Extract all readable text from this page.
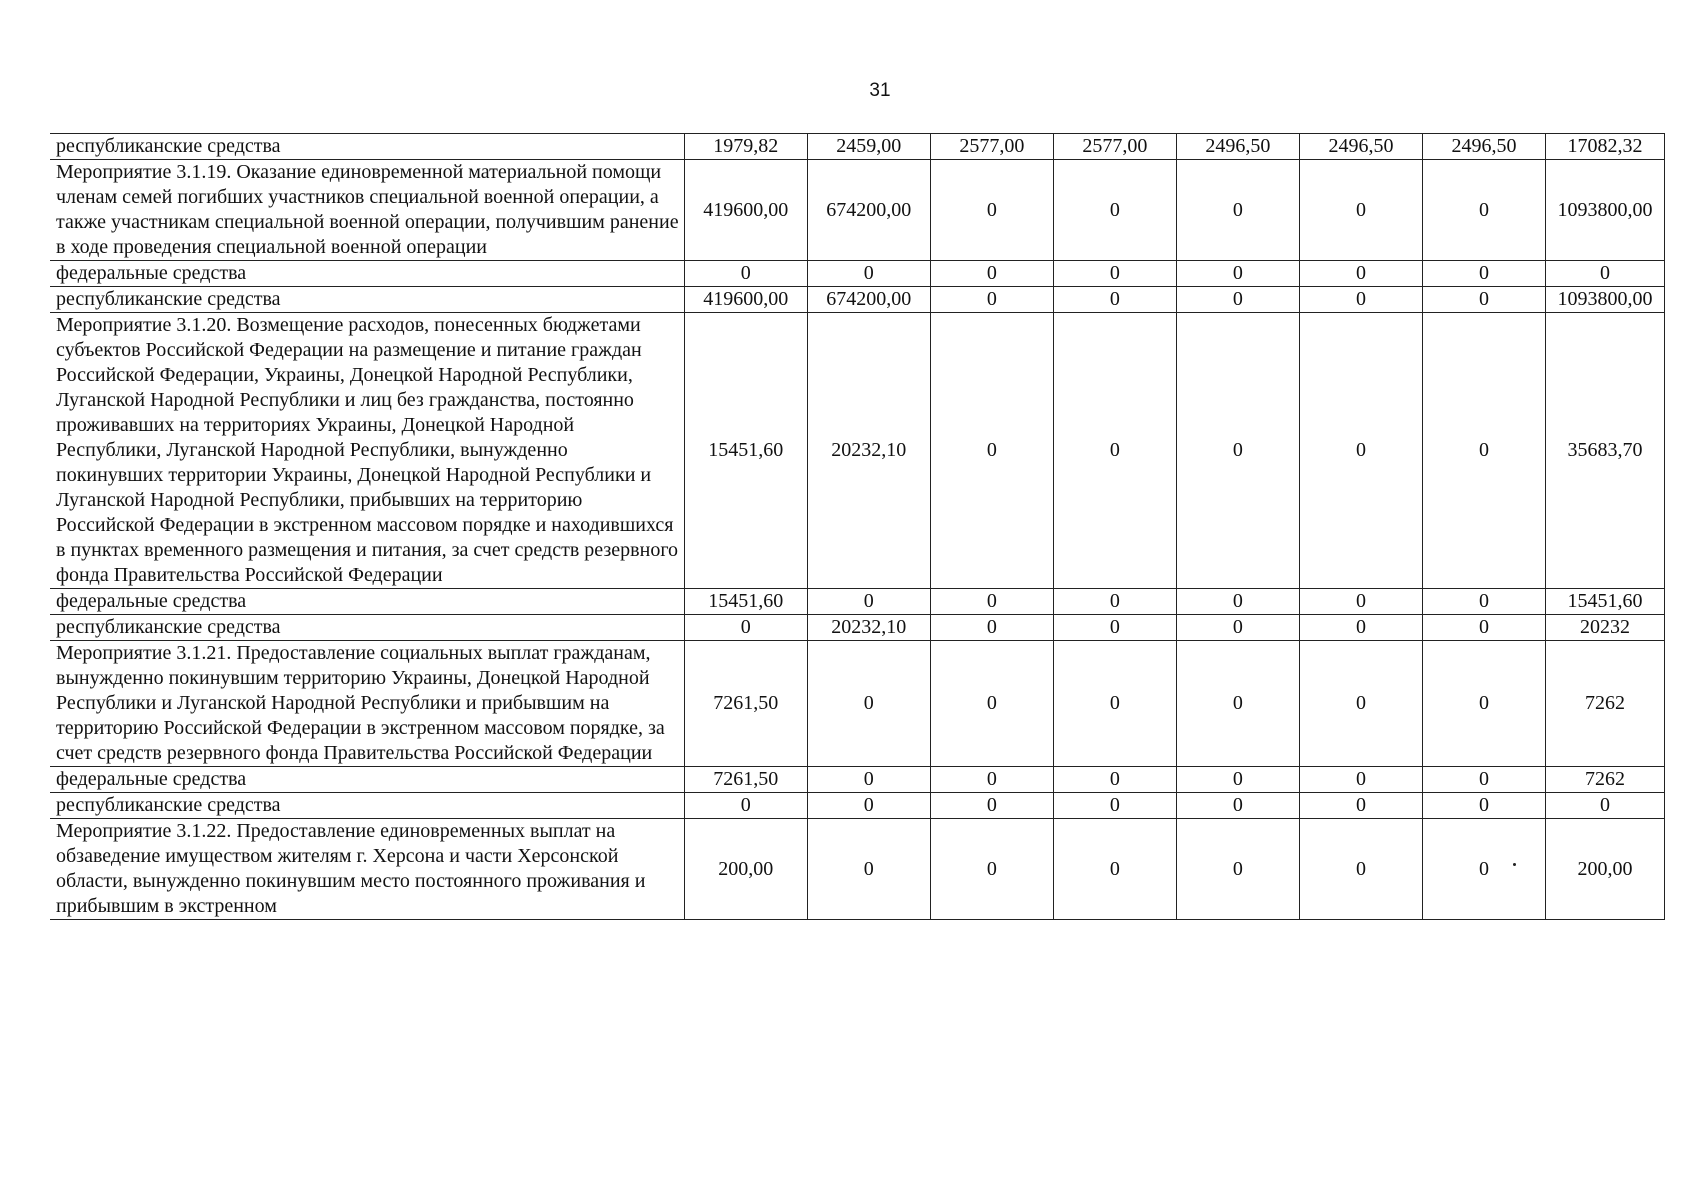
31
республиканские средства	1979,82	2459,00	2577,00	2577,00	2496,50	2496,50	2496,50	17082,32
Мероприятие 3.1.19. Оказание единовременной материальной помощи членам семей погибших участников специальной военной операции, а также участникам специальной военной операции, получившим ранение в ходе проведения специальной военной операции	419600,00	674200,00	0	0	0	0	0	1093800,00
федеральные средства	0	0	0	0	0	0	0	0
республиканские средства	419600,00	674200,00	0	0	0	0	0	1093800,00
Мероприятие 3.1.20. Возмещение расходов, понесенных бюджетами субъектов Российской Федерации на размещение и питание граждан Российской Федерации, Украины, Донецкой Народной Республики, Луганской Народной Республики и лиц без гражданства, постоянно проживавших на территориях Украины, Донецкой Народной Республики, Луганской Народной Республики, вынужденно покинувших территории Украины, Донецкой Народной Республики и Луганской Народной Республики, прибывших на территорию Российской Федерации в экстренном массовом порядке и находившихся в пунктах временного размещения и питания, за счет средств резервного фонда Правительства Российской Федерации	15451,60	20232,10	0	0	0	0	0	35683,70
федеральные средства	15451,60	0	0	0	0	0	0	15451,60
республиканские средства	0	20232,10	0	0	0	0	0	20232
Мероприятие 3.1.21. Предоставление социальных выплат гражданам, вынужденно покинувшим территорию Украины, Донецкой Народной Республики и Луганской Народной Республики и прибывшим на территорию Российской Федерации в экстренном массовом порядке, за счет средств резервного фонда Правительства Российской Федерации	7261,50	0	0	0	0	0	0	7262
федеральные средства	7261,50	0	0	0	0	0	0	7262
республиканские средства	0	0	0	0	0	0	0	0
Мероприятие 3.1.22. Предоставление единовременных выплат на обзаведение имуществом жителям г. Херсона и части Херсонской области, вынужденно покинувшим место постоянного проживания и прибывшим в экстренном	200,00	0	0	0	0	0	0	200,00
